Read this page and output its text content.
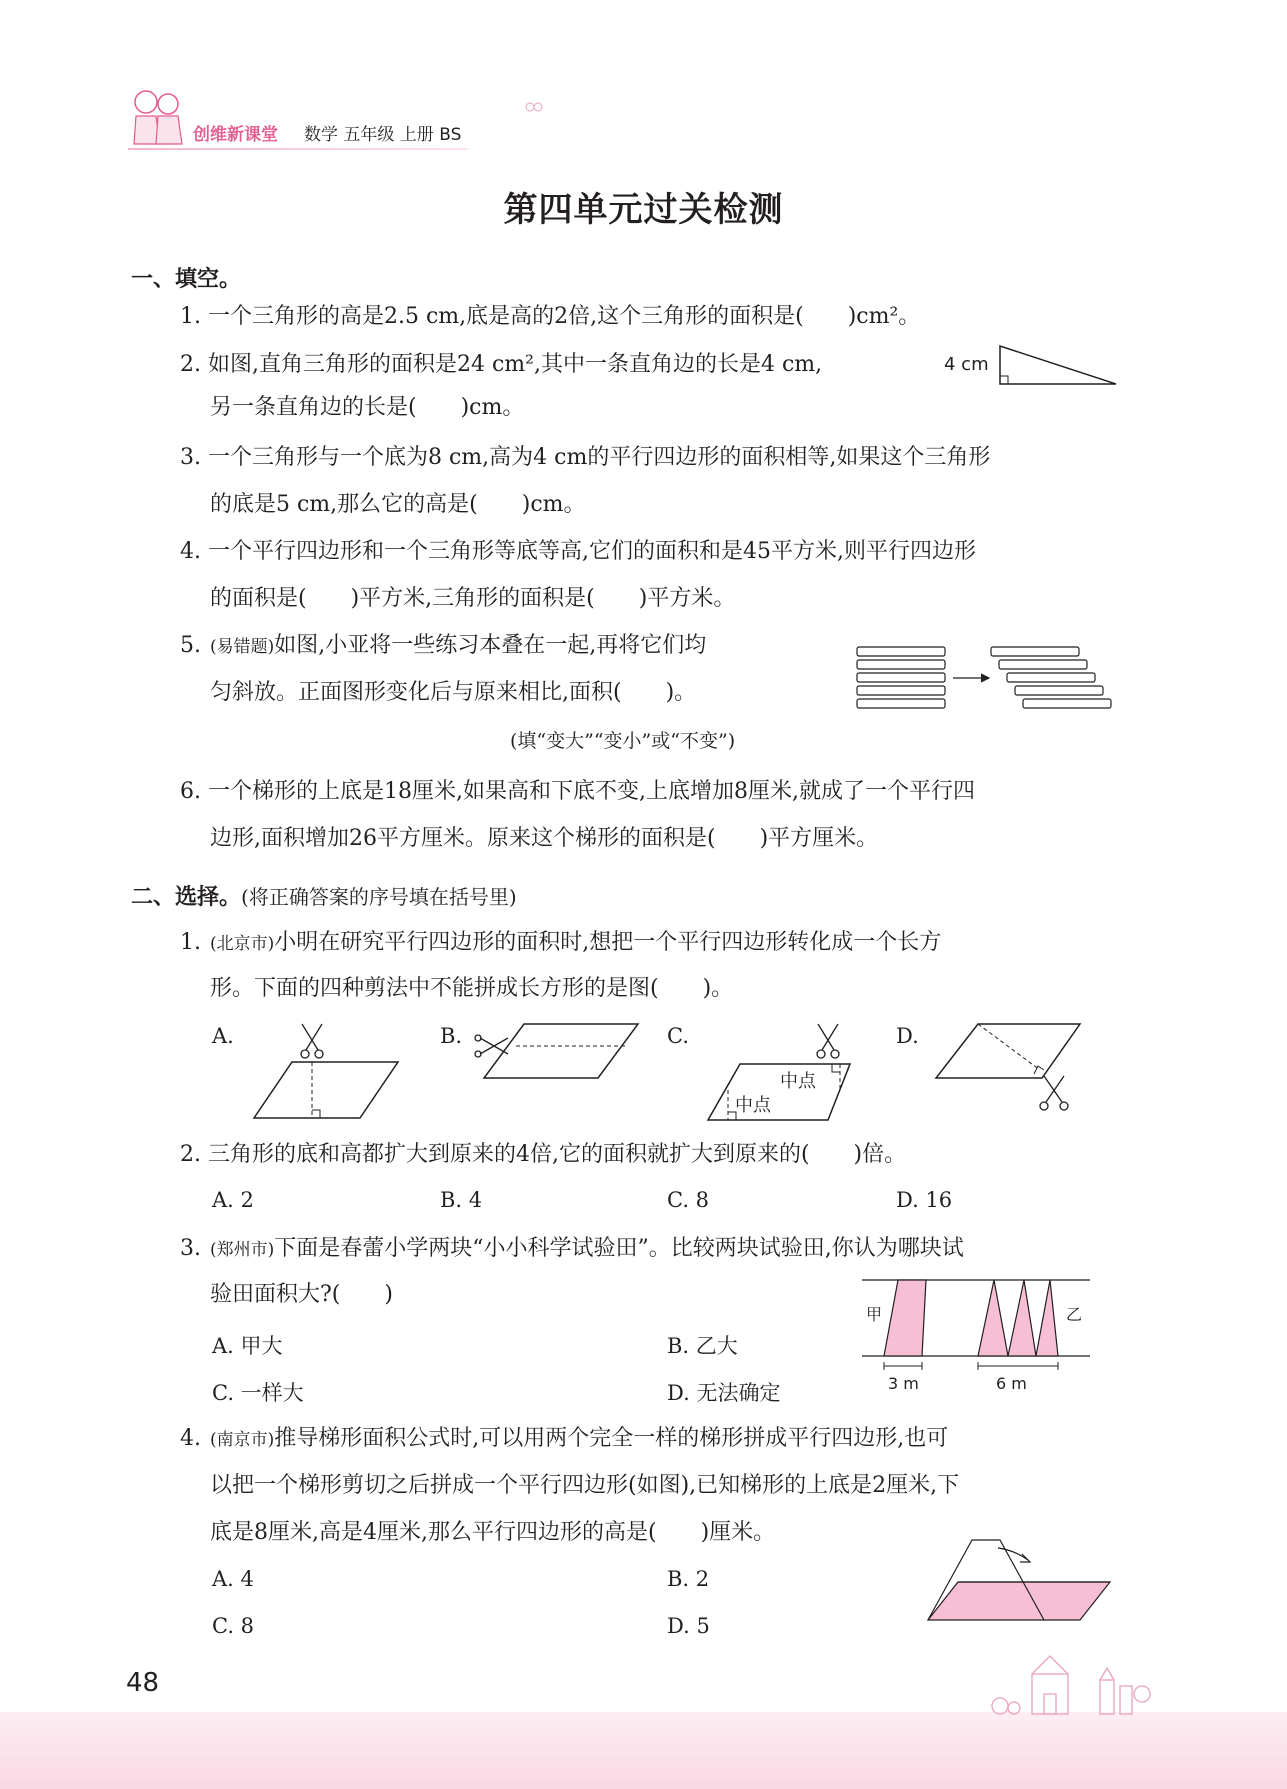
创维新课堂 数学 五年级 上册 BS
第四单元过关检测
一、填空。
1. 一个三角形的高是2.5 cm,底是高的2倍,这个三角形的面积是(　　)cm²。
2. 如图,直角三角形的面积是24 cm²,其中一条直角边的长是4 cm,
另一条直角边的长是(　　)cm。
4 cm
3. 一个三角形与一个底为8 cm,高为4 cm的平行四边形的面积相等,如果这个三角形
的底是5 cm,那么它的高是(　　)cm。
4. 一个平行四边形和一个三角形等底等高,它们的面积和是45平方米,则平行四边形
的面积是(　　)平方米,三角形的面积是(　　)平方米。
5. (易错题)如图,小亚将一些练习本叠在一起,再将它们均
匀斜放。正面图形变化后与原来相比,面积(　　)。
(填“变大”“变小”或“不变”)
6. 一个梯形的上底是18厘米,如果高和下底不变,上底增加8厘米,就成了一个平行四
边形,面积增加26平方厘米。原来这个梯形的面积是(　　)平方厘米。
二、选择。(将正确答案的序号填在括号里)
1. (北京市)小明在研究平行四边形的面积时,想把一个平行四边形转化成一个长方
形。下面的四种剪法中不能拼成长方形的是图(　　)。
A.	B.	C.	D.
中点
中点
2. 三角形的底和高都扩大到原来的4倍,它的面积就扩大到原来的(　　)倍。
A. 2	B. 4	C. 8	D. 16
3. (郑州市)下面是春蕾小学两块“小小科学试验田”。比较两块试验田,你认为哪块试
验田面积大?(　　)
A. 甲大	B. 乙大
C. 一样大	D. 无法确定
甲	乙
3 m	6 m
4. (南京市)推导梯形面积公式时,可以用两个完全一样的梯形拼成平行四边形,也可
以把一个梯形剪切之后拼成一个平行四边形(如图),已知梯形的上底是2厘米,下
底是8厘米,高是4厘米,那么平行四边形的高是(　　)厘米。
A. 4	B. 2
C. 8	D. 5
48
